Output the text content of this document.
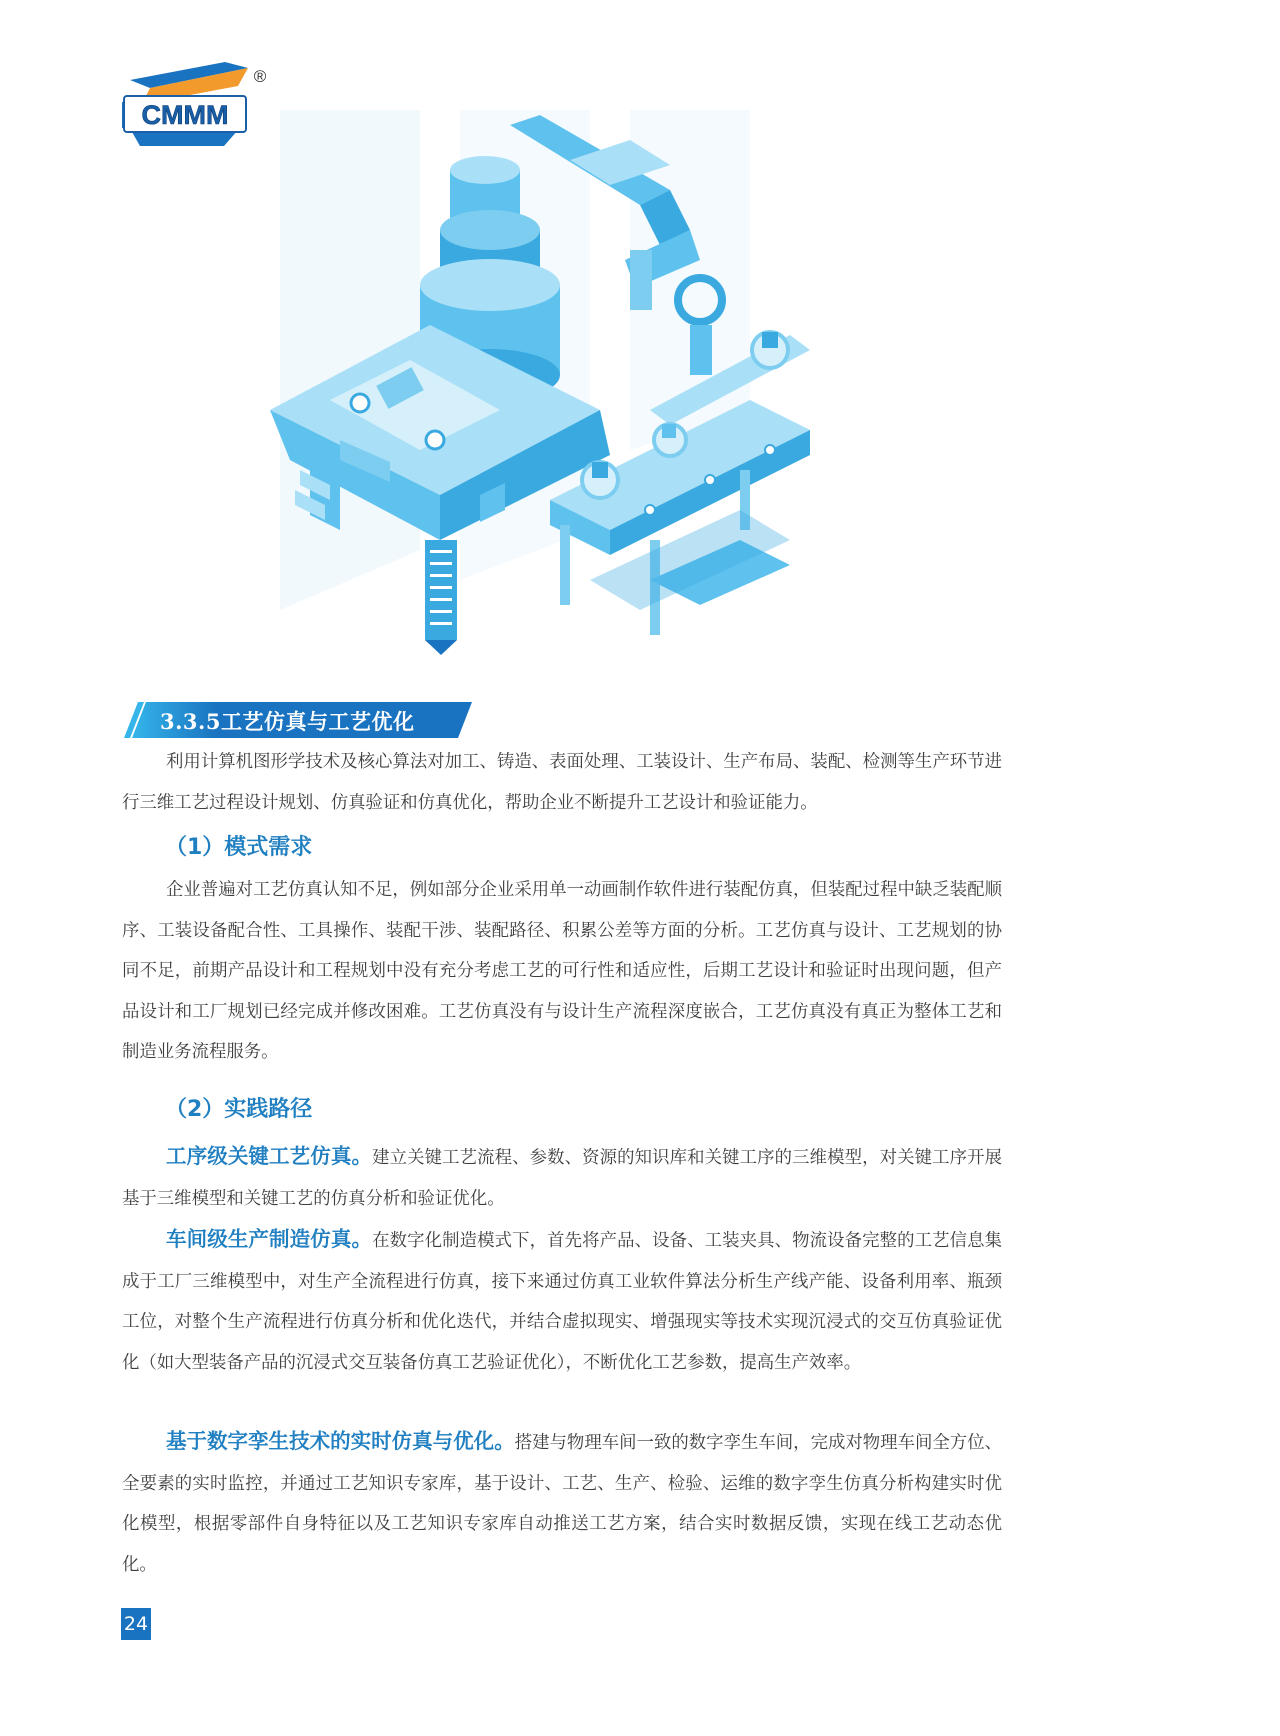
CMMM
®
3.3.5工艺仿真与工艺优化

利用计算机图形学技术及核心算法对加工、铸造、表面处理、工装设计、生产布局、装配、检测等生产环节进行三维工艺过程设计规划、仿真验证和仿真优化，帮助企业不断提升工艺设计和验证能力。

（1）模式需求

企业普遍对工艺仿真认知不足，例如部分企业采用单一动画制作软件进行装配仿真，但装配过程中缺乏装配顺序、工装设备配合性、工具操作、装配干涉、装配路径、积累公差等方面的分析。工艺仿真与设计、工艺规划的协同不足，前期产品设计和工程规划中没有充分考虑工艺的可行性和适应性，后期工艺设计和验证时出现问题，但产品设计和工厂规划已经完成并修改困难。工艺仿真没有与设计生产流程深度嵌合，工艺仿真没有真正为整体工艺和制造业务流程服务。

（2）实践路径

工序级关键工艺仿真。建立关键工艺流程、参数、资源的知识库和关键工序的三维模型，对关键工序开展基于三维模型和关键工艺的仿真分析和验证优化。

车间级生产制造仿真。在数字化制造模式下，首先将产品、设备、工装夹具、物流设备完整的工艺信息集成于工厂三维模型中，对生产全流程进行仿真，接下来通过仿真工业软件算法分析生产线产能、设备利用率、瓶颈工位，对整个生产流程进行仿真分析和优化迭代，并结合虚拟现实、增强现实等技术实现沉浸式的交互仿真验证优化（如大型装备产品的沉浸式交互装备仿真工艺验证优化），不断优化工艺参数，提高生产效率。

基于数字孪生技术的实时仿真与优化。搭建与物理车间一致的数字孪生车间，完成对物理车间全方位、全要素的实时监控，并通过工艺知识专家库，基于设计、工艺、生产、检验、运维的数字孪生仿真分析构建实时优化模型，根据零部件自身特征以及工艺知识专家库自动推送工艺方案，结合实时数据反馈，实现在线工艺动态优化。

24
